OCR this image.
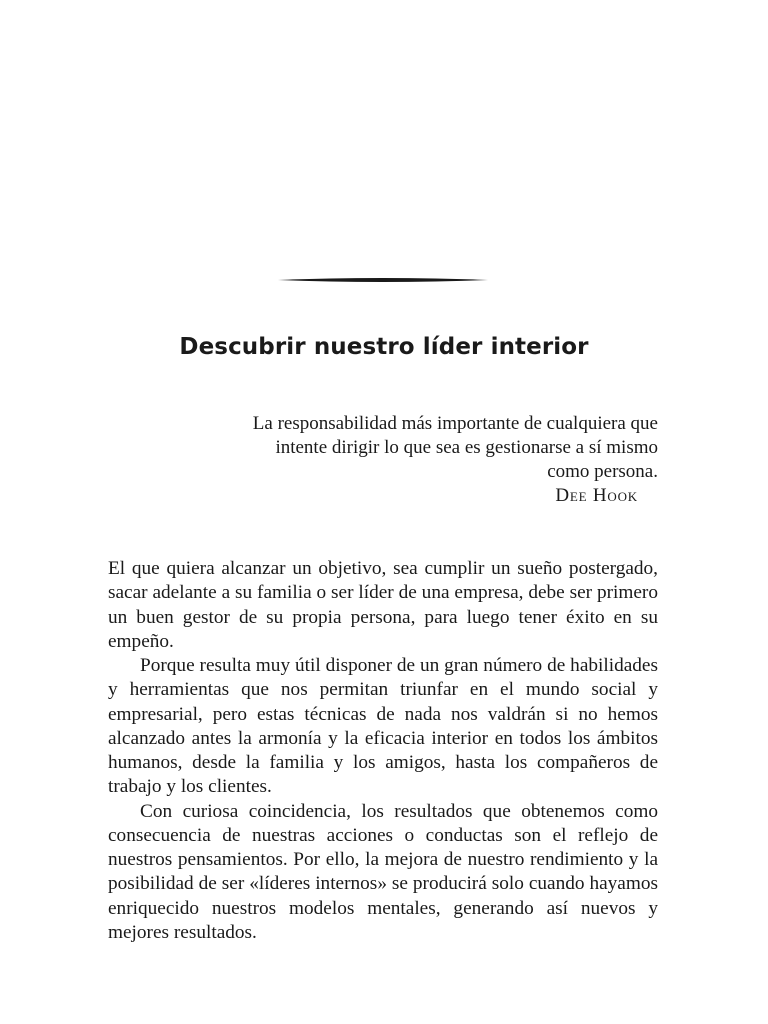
Descubrir nuestro líder interior
La responsabilidad más importante de cualquiera que intente dirigir lo que sea es gestionarse a sí mismo como persona.
Dee Hook

El que quiera alcanzar un objetivo, sea cumplir un sueño postergado, sacar adelante a su familia o ser líder de una empresa, debe ser primero un buen gestor de su propia persona, para luego tener éxito en su empeño.

Porque resulta muy útil disponer de un gran número de habilidades y herramientas que nos permitan triunfar en el mundo social y empresarial, pero estas técnicas de nada nos valdrán si no hemos alcanzado antes la armonía y la eficacia interior en todos los ámbitos humanos, desde la familia y los amigos, hasta los compañeros de trabajo y los clientes.

Con curiosa coincidencia, los resultados que obtenemos como consecuencia de nuestras acciones o conductas son el reflejo de nuestros pensamientos. Por ello, la mejora de nuestro rendimiento y la posibilidad de ser «líderes internos» se producirá solo cuando hayamos enriquecido nuestros modelos mentales, generando así nuevos y mejores resultados.
